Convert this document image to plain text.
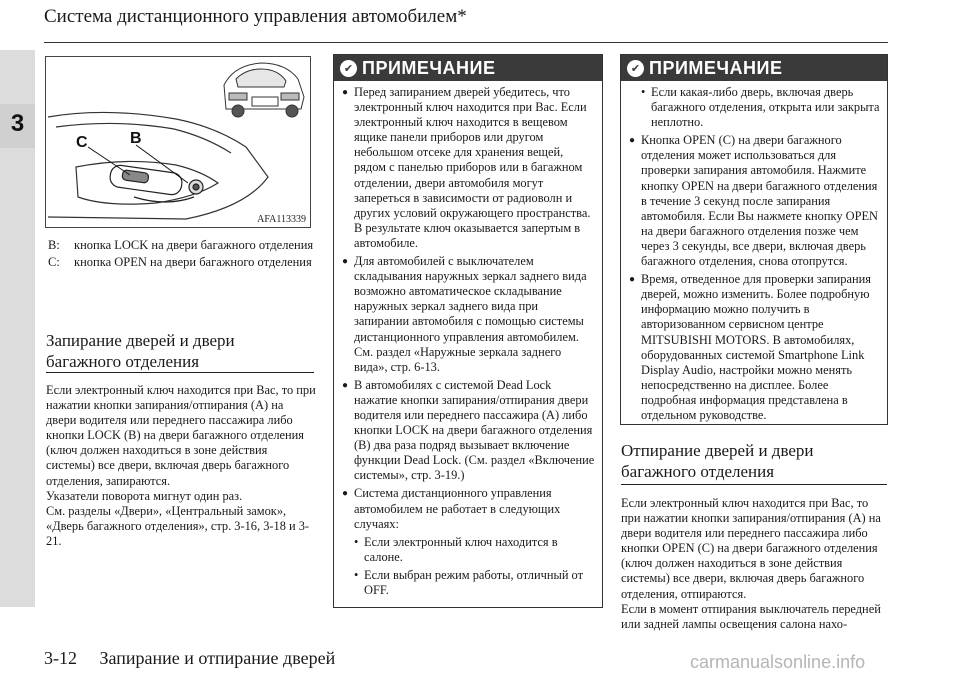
Система дистанционного управления автомобилем*
3
C	B
AFA113339
B:	кнопка LOCK на двери багажного отделения
C:	кнопка OPEN на двери багажного отделения
Запирание дверей и двери багажного отделения

Если электронный ключ находится при Вас, то при нажатии кнопки запирания/отпирания (A) на двери водителя или переднего пассажира либо кнопки LOCK (B) на двери багажного отделения (ключ должен находиться в зоне действия системы) все двери, включая дверь багажного отделения, запираются.

Указатели поворота мигнут один раз.

См. разделы «Двери», «Центральный замок», «Дверь багажного отделения», стр. 3-16, 3-18 и 3-21.

✔ ПРИМЕЧАНИЕ
● Перед запиранием дверей убедитесь, что электронный ключ находится при Вас. Если электронный ключ находится в вещевом ящике панели приборов или другом небольшом отсеке для хранения вещей, рядом с панелью приборов или в багажном отделении, двери автомобиля могут запереться в зависимости от радиоволн и других условий окружающего пространства. В результате ключ оказывается запертым в автомобиле.
● Для автомобилей с выключателем складывания наружных зеркал заднего вида возможно автоматическое складывание наружных зеркал заднего вида при запирании автомобиля с помощью системы дистанционного управления автомобилем. См. раздел «Наружные зеркала заднего вида», стр. 6-13.
● В автомобилях с системой Dead Lock нажатие кнопки запирания/отпирания двери водителя или переднего пассажира (A) либо кнопки LOCK на двери багажного отделения (B) два раза подряд вызывает включение функции Dead Lock. (См. раздел «Включение системы», стр. 3-19.)
● Система дистанционного управления автомобилем не работает в следующих случаях:
• Если электронный ключ находится в салоне.
• Если выбран режим работы, отличный от OFF.
✔ ПРИМЕЧАНИЕ
• Если какая-либо дверь, включая дверь багажного отделения, открыта или закрыта неплотно.
● Кнопка OPEN (C) на двери багажного отделения может использоваться для проверки запирания автомобиля. Нажмите кнопку OPEN на двери багажного отделения в течение 3 секунд после запирания автомобиля. Если Вы нажмете кнопку OPEN на двери багажного отделения позже чем через 3 секунды, все двери, включая дверь багажного отделения, снова отопрутся.
● Время, отведенное для проверки запирания дверей, можно изменить. Более подробную информацию можно получить в авторизованном сервисном центре MITSUBISHI MOTORS. В автомобилях, оборудованных системой Smartphone Link Display Audio, настройки можно менять непосредственно на дисплее. Более подробная информация представлена в отдельном руководстве.
Отпирание дверей и двери багажного отделения

Если электронный ключ находится при Вас, то при нажатии кнопки запирания/отпирания (A) на двери водителя или переднего пассажира либо кнопки OPEN (C) на двери багажного отделения (ключ должен находиться в зоне действия системы) все двери, включая дверь багажного отделения, отпираются.

Если в момент отпирания выключатель передней или задней лампы освещения салона нахо-

3-12 Запирание и отпирание дверей	carmanualsonline.info
